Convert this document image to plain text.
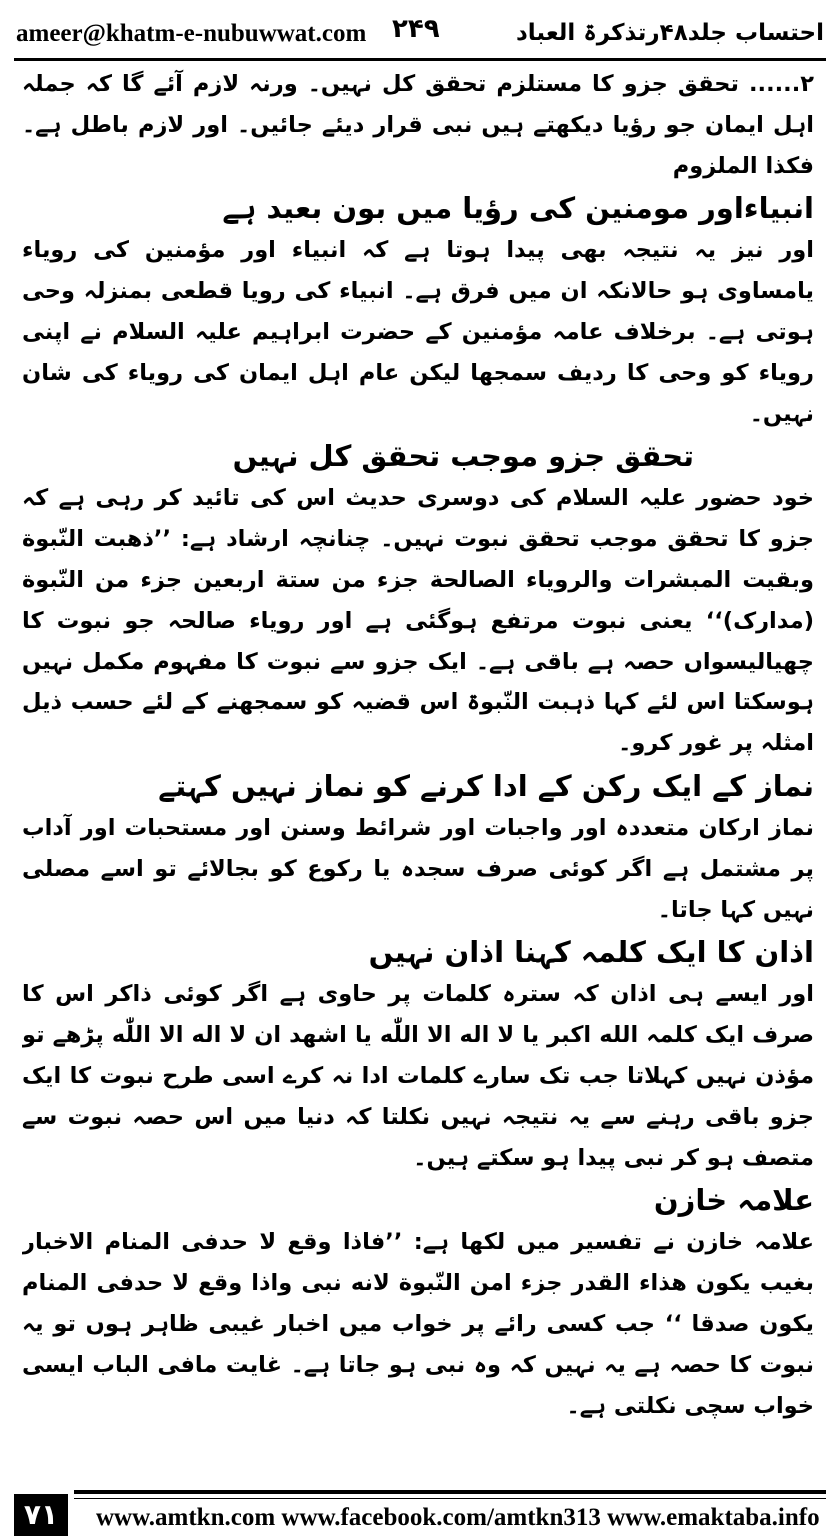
ameer@khatm-e-nubuwwat.com ۲۴۹	احتساب جلد۴۸رتذکرۃ العباد

۲...... تحقق جزو کا مستلزم تحقق کل نہیں۔ ورنہ لازم آئے گا کہ جملہ اہل ایمان جو رؤیا دیکھتے ہیں نبی قرار دیئے جائیں۔ اور لازم باطل ہے۔ فکذا الملزوم

انبیاءاور مومنین کی رؤیا میں بون بعید ہے

اور نیز یہ نتیجہ بھی پیدا ہوتا ہے کہ انبیاء اور مؤمنین کی رویاء یامساوی ہو حالانکہ ان میں فرق ہے۔ انبیاء کی رویا قطعی بمنزلہ وحی ہوتی ہے۔ برخلاف عامہ مؤمنین کے حضرت ابراہیم علیہ السلام نے اپنی رویاء کو وحی کا ردیف سمجھا لیکن عام اہل ایمان کی رویاء کی شان نہیں۔

تحقق جزو موجب تحقق کل نہیں

خود حضور علیہ السلام کی دوسری حدیث اس کی تائید کر رہی ہے کہ جزو کا تحقق موجب تحقق نبوت نہیں۔ چنانچہ ارشاد ہے: ’’ذهبت النّبوة وبقيت المبشرات والروياء الصالحة جزء من ستة اربعين جزء من النّبوة (مدارک)‘‘ یعنی نبوت مرتفع ہوگئی ہے اور رویاء صالحہ جو نبوت کا چھیالیسواں حصہ ہے باقی ہے۔ ایک جزو سے نبوت کا مفہوم مکمل نہیں ہوسکتا اس لئے کہا ذہبت النّبوۃ اس قضیہ کو سمجھنے کے لئے حسب ذیل امثلہ پر غور کرو۔

نماز کے ایک رکن کے ادا کرنے کو نماز نہیں کہتے

نماز ارکان متعددہ اور واجبات اور شرائط وسنن اور مستحبات اور آداب پر مشتمل ہے اگر کوئی صرف سجدہ یا رکوع کو بجالائے تو اسے مصلی نہیں کہا جاتا۔

اذان کا ایک کلمہ کہنا اذان نہیں

اور ایسے ہی اذان کہ سترہ کلمات پر حاوی ہے اگر کوئی ذاکر اس کا صرف ایک کلمہ الله اكبر يا لا اله الا اللّٰه يا اشهد ان لا اله الا اللّٰه پڑھے تو مؤذن نہیں کہلاتا جب تک سارے کلمات ادا نہ کرے اسی طرح نبوت کا ایک جزو باقی رہنے سے یہ نتیجہ نہیں نکلتا کہ دنیا میں اس حصہ نبوت سے متصف ہو کر نبی پیدا ہو سکتے ہیں۔

علامہ خازن

علامہ خازن نے تفسیر میں لکھا ہے: ’’فاذا وقع لا حدفى المنام الاخبار بغيب يكون هذاء القدر جزء امن النّبوة لانه نبى واذا وقع لا حدفى المنام يكون صدقا ‘‘ جب کسی رائے پر خواب میں اخبار غیبی ظاہر ہوں تو یہ نبوت کا حصہ ہے یہ نہیں کہ وہ نبی ہو جاتا ہے۔ غایت مافی الباب ایسی خواب سچی نکلتی ہے۔

۷۱	www.amtkn.com www.facebook.com/amtkn313 www.emaktaba.info
